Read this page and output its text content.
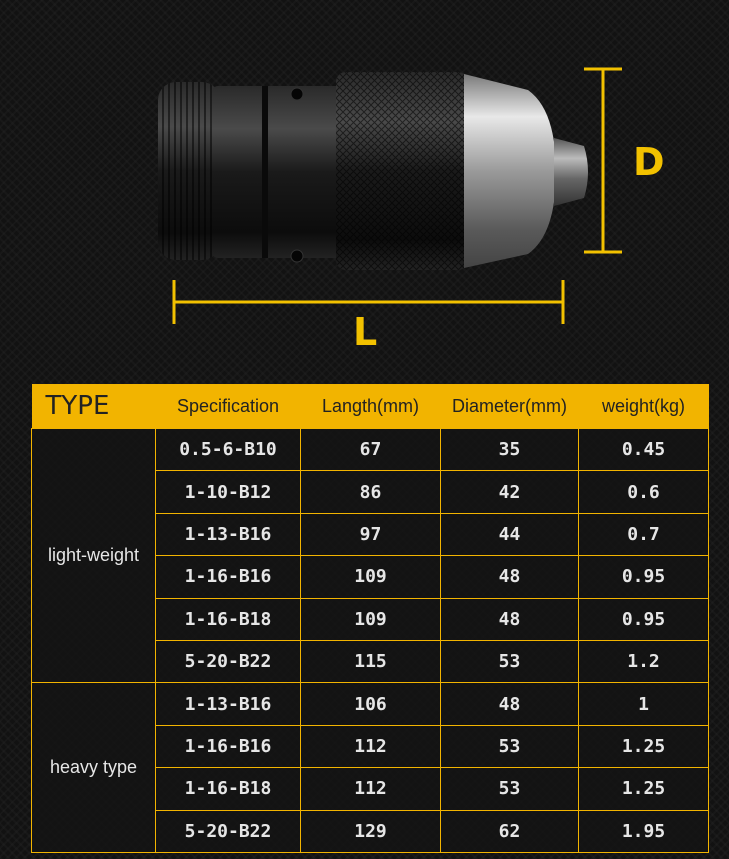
D
L
TYPE	Specification	Langth(mm)	Diameter(mm)	weight(kg)
light-weight	0.5-6-B10	67	35	0.45
	1-10-B12	86	42	0.6
	1-13-B16	97	44	0.7
	1-16-B16	109	48	0.95
	1-16-B18	109	48	0.95
	5-20-B22	115	53	1.2
heavy type	1-13-B16	106	48	1
	1-16-B16	112	53	1.25
	1-16-B18	112	53	1.25
	5-20-B22	129	62	1.95
